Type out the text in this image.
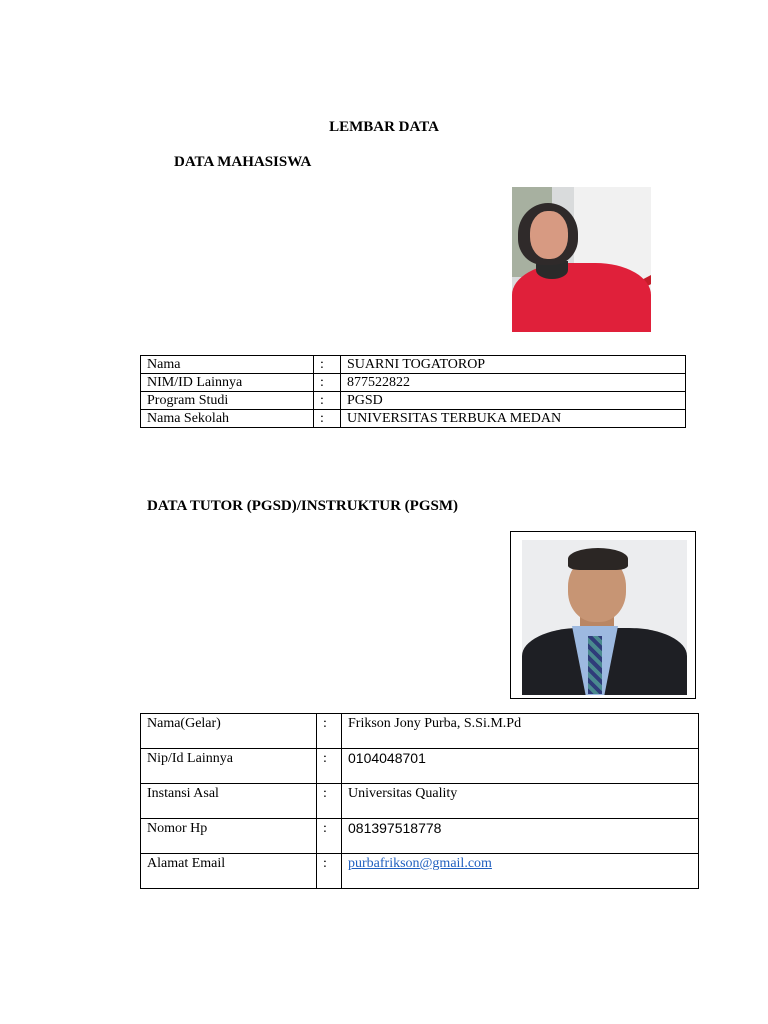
LEMBAR DATA
DATA MAHASISWA
Nama	:	SUARNI TOGATOROP
NIM/ID Lainnya	:	877522822
Program Studi	:	PGSD
Nama Sekolah	:	UNIVERSITAS TERBUKA MEDAN
DATA TUTOR (PGSD)/INSTRUKTUR (PGSM)
Nama(Gelar)	:	Frikson Jony Purba, S.Si.M.Pd
Nip/Id Lainnya	:	0104048701
Instansi Asal	:	Universitas Quality
Nomor Hp	:	081397518778
Alamat Email	:	purbafrikson@gmail.com
